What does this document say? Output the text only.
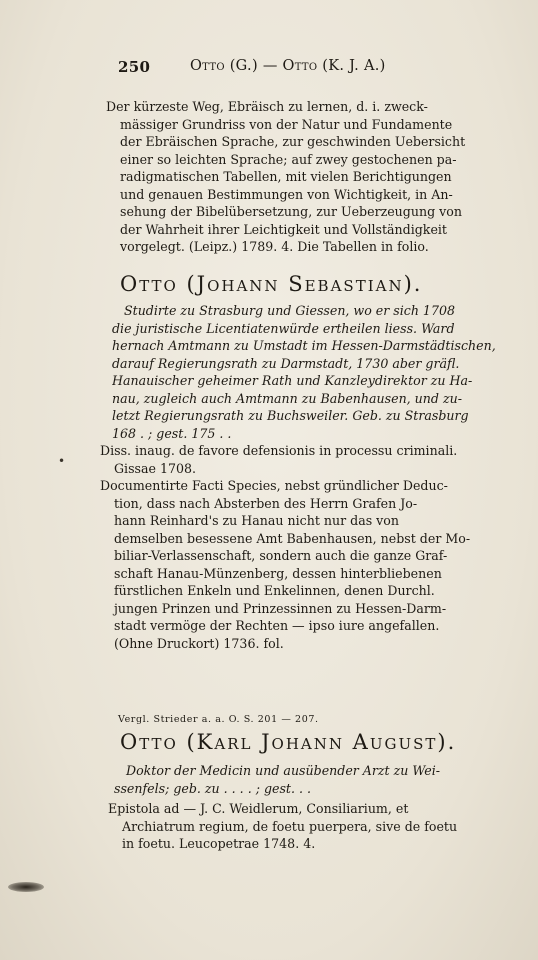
250	Otto (G.) — Otto (K. J. A.)
Der kürzeste Weg, Ebräisch zu lernen, d. i. zweck-
mässiger Grundriss von der Natur und Fundamente
der Ebräischen Sprache, zur geschwinden Uebersicht
einer so leichten Sprache; auf zwey gestochenen pa-
radigmatischen Tabellen, mit vielen Berichtigungen
und genauen Bestimmungen von Wichtigkeit, in An-
sehung der Bibelübersetzung, zur Ueberzeugung von
der Wahrheit ihrer Leichtigkeit und Vollständigkeit
vorgelegt. (Leipz.) 1789. 4. Die Tabellen in folio.
Otto (Johann Sebastian).
Studirte zu Strasburg und Giessen, wo er sich 1708
die juristische Licentiatenwürde ertheilen liess. Ward
hernach Amtmann zu Umstadt im Hessen-Darmstädtischen,
darauf Regierungsrath zu Darmstadt, 1730 aber gräfl.
Hanauischer geheimer Rath und Kanzleydirektor zu Ha-
nau, zugleich auch Amtmann zu Babenhausen, und zu-
letzt Regierungsrath zu Buchsweiler. Geb. zu Strasburg
168 . ; gest. 175 . .
Diss. inaug. de favore defensionis in processu criminali.
Gissae 1708.
Documentirte Facti Species, nebst gründlicher Deduc-
tion, dass nach Absterben des Herrn Grafen Jo-
hann Reinhard's zu Hanau nicht nur das von
demselben besessene Amt Babenhausen, nebst der Mo-
biliar-Verlassenschaft, sondern auch die ganze Graf-
schaft Hanau-Münzenberg, dessen hinterbliebenen
fürstlichen Enkeln und Enkelinnen, denen Durchl.
jungen Prinzen und Prinzessinnen zu Hessen-Darm-
stadt vermöge der Rechten — ipso iure angefallen.
(Ohne Druckort) 1736. fol.
Vergl. Strieder a. a. O. S. 201 — 207.
Otto (Karl Johann August).
Doktor der Medicin und ausübender Arzt zu Wei-
ssenfels; geb. zu . . . . ; gest. . .
Epistola ad — J. C. Weidlerum, Consiliarium, et
Archiatrum regium, de foetu puerpera, sive de foetu
in foetu. Leucopetrae 1748. 4.
•
